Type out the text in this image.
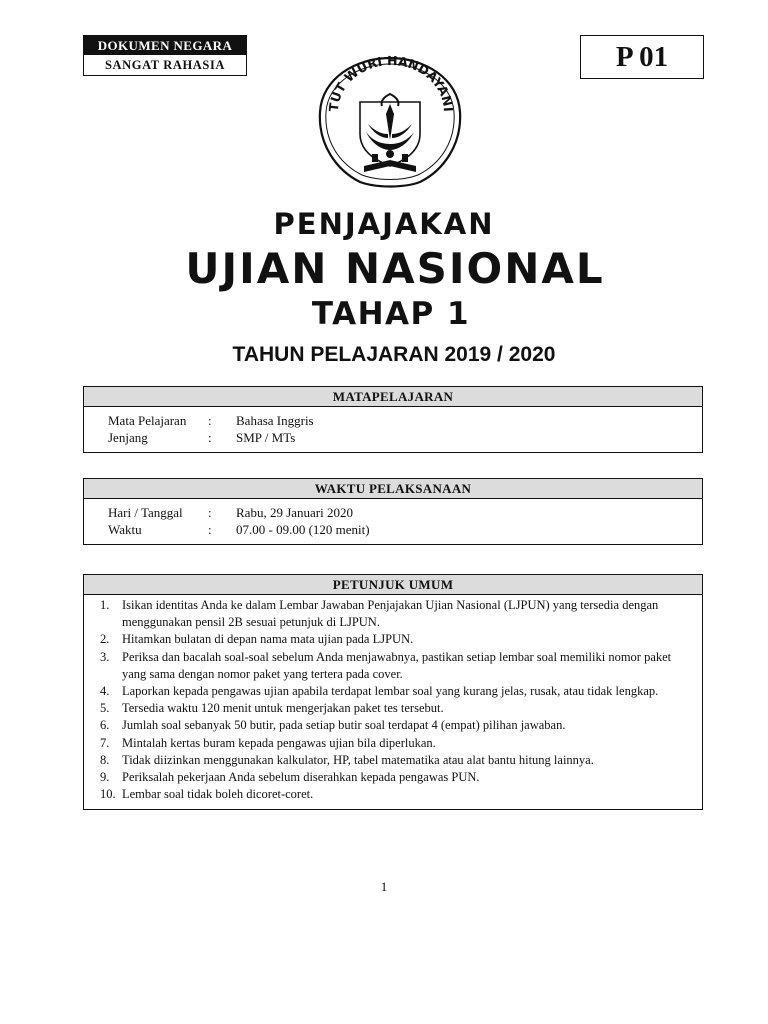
DOKUMEN NEGARA
SANGAT RAHASIA	P 01
TUT WURI HANDAYANI
PENJAJAKAN
UJIAN NASIONAL
TAHAP 1
TAHUN PELAJARAN 2019 / 2020
MATAPELAJARAN
Mata Pelajaran	:	Bahasa Inggris
Jenjang	:	SMP / MTs
WAKTU PELAKSANAAN
Hari / Tanggal	:	Rabu, 29 Januari 2020
Waktu	:	07.00 - 09.00 (120 menit)
PETUNJUK UMUM
1.	Isikan identitas Anda ke dalam Lembar Jawaban Penjajakan Ujian Nasional (LJPUN) yang tersedia dengan menggunakan pensil 2B sesuai petunjuk di LJPUN.
2.	Hitamkan bulatan di depan nama mata ujian pada LJPUN.
3.	Periksa dan bacalah soal-soal sebelum Anda menjawabnya, pastikan setiap lembar soal memiliki nomor paket yang sama dengan nomor paket yang tertera pada cover.
4.	Laporkan kepada pengawas ujian apabila terdapat lembar soal yang kurang jelas, rusak, atau tidak lengkap.
5.	Tersedia waktu 120 menit untuk mengerjakan paket tes tersebut.
6.	Jumlah soal sebanyak 50 butir, pada setiap butir soal terdapat 4 (empat) pilihan jawaban.
7.	Mintalah kertas buram kepada pengawas ujian bila diperlukan.
8.	Tidak diizinkan menggunakan kalkulator, HP, tabel matematika atau alat bantu hitung lainnya.
9.	Periksalah pekerjaan Anda sebelum diserahkan kepada pengawas PUN.
10. Lembar soal tidak boleh dicoret-coret.
1
